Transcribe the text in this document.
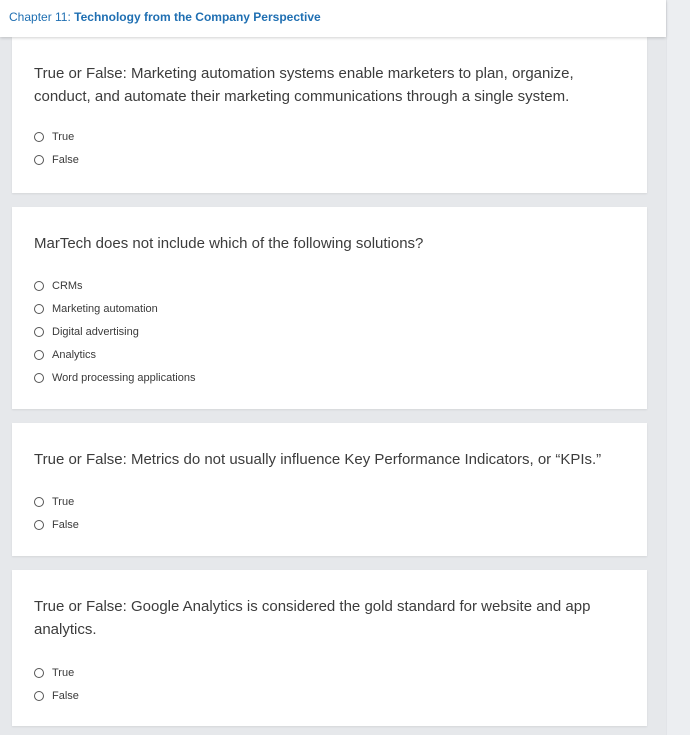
Chapter 11: Technology from the Company Perspective
True or False: Marketing automation systems enable marketers to plan, organize, conduct, and automate their marketing communications through a single system.
True
False
MarTech does not include which of the following solutions?
CRMs
Marketing automation
Digital advertising
Analytics
Word processing applications
True or False: Metrics do not usually influence Key Performance Indicators, or “KPIs.”
True
False
True or False: Google Analytics is considered the gold standard for website and app analytics.
True
False
